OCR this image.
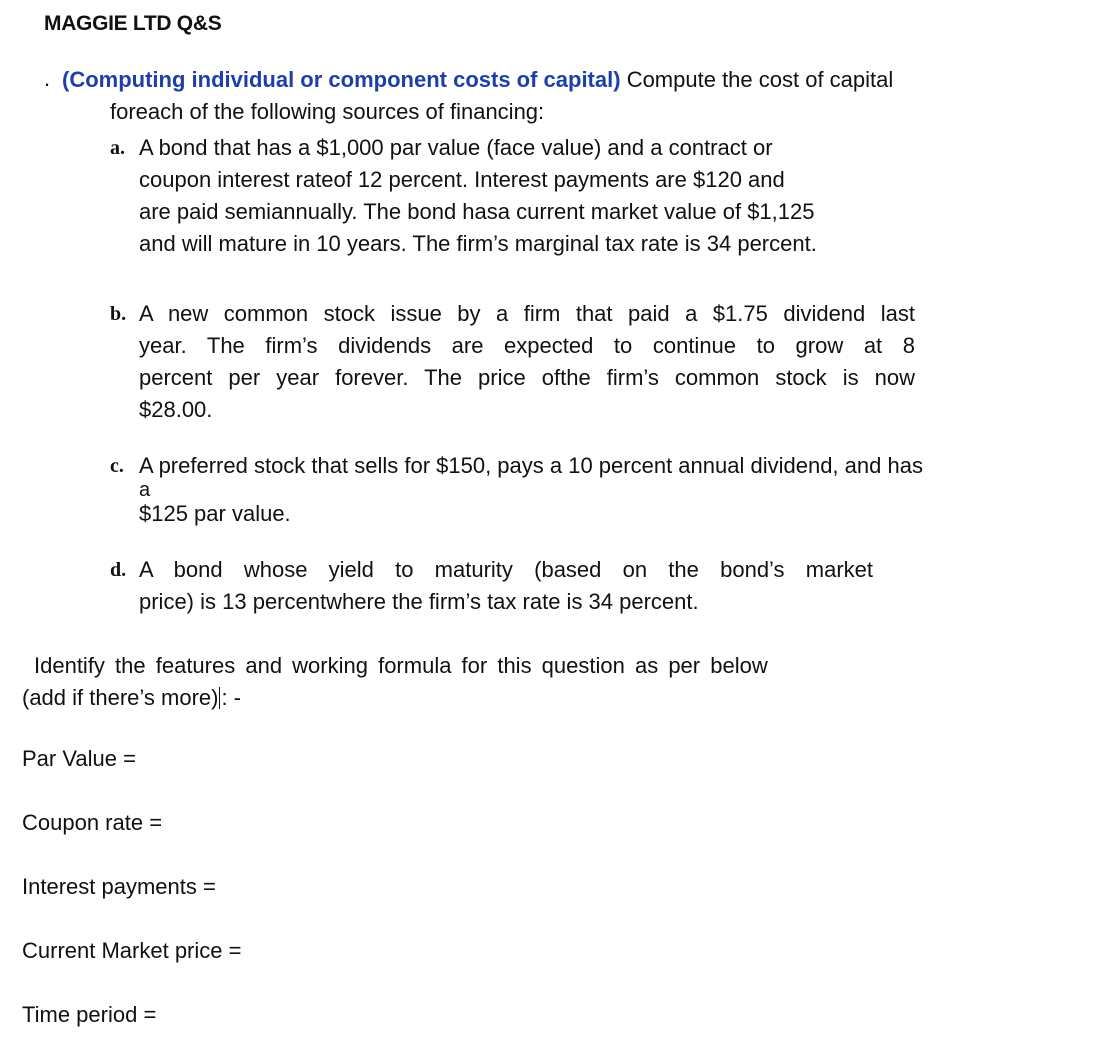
MAGGIE LTD Q&S
. (Computing individual or component costs of capital) Compute the cost of capital
foreach of the following sources of financing:
a. A bond that has a $1,000 par value (face value) and a contract or
coupon interest rateof 12 percent. Interest payments are $120 and
are paid semiannually. The bond hasa current market value of $1,125
and will mature in 10 years. The firm’s marginal tax rate is 34 percent.
b. A new common stock issue by a firm that paid a $1.75 dividend last
year. The firm’s dividends are expected to continue to grow at 8
percent per year forever. The price ofthe firm’s common stock is now
$28.00.
c. A preferred stock that sells for $150, pays a 10 percent annual dividend, and has
a
$125 par value.
d. A bond whose yield to maturity (based on the bond’s market
price) is 13 percentwhere the firm’s tax rate is 34 percent.
Identify the features and working formula for this question as per below
(add if there’s more) : -
Par Value =
Coupon rate =
Interest payments =
Current Market price =
Time period =
